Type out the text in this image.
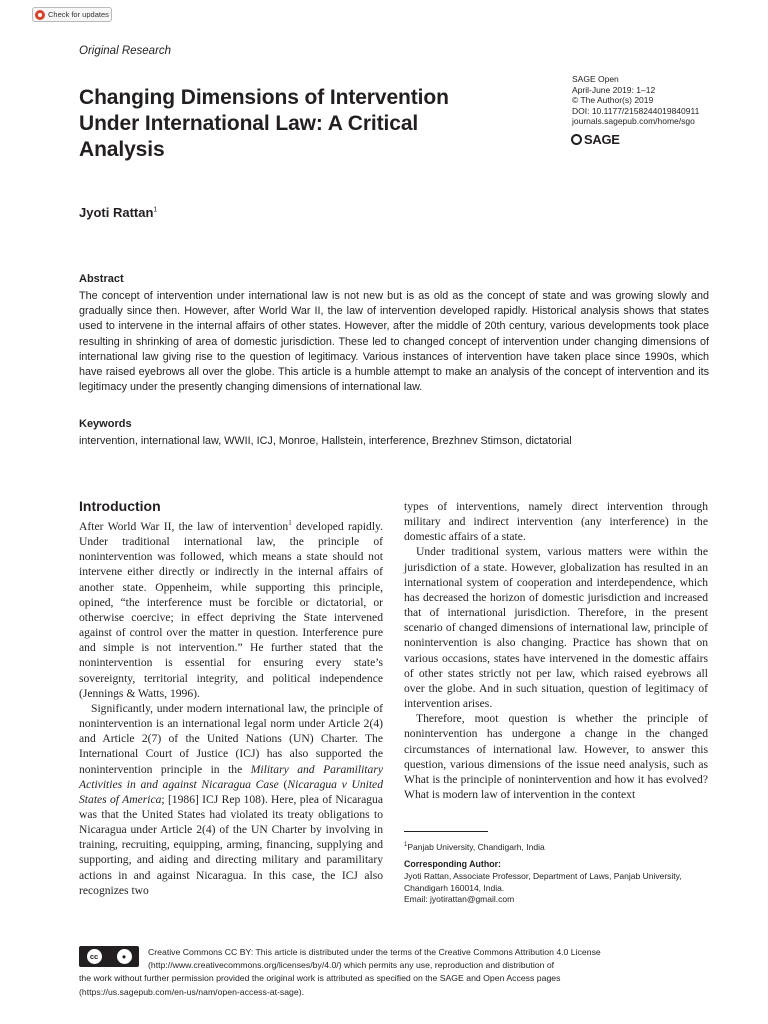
Check for updates
Original Research
Changing Dimensions of Intervention
Under International Law: A Critical
Analysis
SAGE Open
April-June 2019: 1–12
© The Author(s) 2019
DOI: 10.1177/2158244019840911
journals.sagepub.com/home/sgo
SAGE
Jyoti Rattan$^1$
Abstract
The concept of intervention under international law is not new but is as old as the concept of state and was growing slowly and gradually since then. However, after World War II, the law of intervention developed rapidly. Historical analysis shows that states used to intervene in the internal affairs of other states. However, after the middle of 20th century, various developments took place resulting in shrinking of area of domestic jurisdiction. These led to changed concept of intervention under changing dimensions of international law giving rise to the question of legitimacy. Various instances of intervention have taken place since 1990s, which have raised eyebrows all over the globe. This article is a humble attempt to make an analysis of the concept of intervention and its legitimacy under the presently changing dimensions of international law.
Keywords
intervention, international law, WWII, ICJ, Monroe, Hallstein, interference, Brezhnev Stimson, dictatorial
Introduction

After World War II, the law of intervention$^1$ developed rapidly. Under traditional international law, the principle of nonintervention was followed, which means a state should not intervene either directly or indirectly in the internal affairs of another state. Oppenheim, while supporting this principle, opined, “the interference must be forcible or dictatorial, or otherwise coercive; in effect depriving the State intervened against of control over the matter in question. Interference pure and simple is not intervention.” He further stated that the nonintervention is essential for ensuring every state’s sovereignty, territorial integrity, and political independence (Jennings & Watts, 1996).

Significantly, under modern international law, the principle of nonintervention is an international legal norm under Article 2(4) and Article 2(7) of the United Nations (UN) Charter. The International Court of Justice (ICJ) has also supported the nonintervention principle in the Military and Paramilitary Activities in and against Nicaragua Case (Nicaragua v United States of America; [1986] ICJ Rep 108). Here, plea of Nicaragua was that the United States had violated its treaty obligations to Nicaragua under Article 2(4) of the UN Charter by involving in training, recruiting, equipping, arming, financing, supplying and supporting, and aiding and directing military and paramilitary actions in and against Nicaragua. In this case, the ICJ also recognizes two

types of interventions, namely direct intervention through military and indirect intervention (any interference) in the domestic affairs of a state.

Under traditional system, various matters were within the jurisdiction of a state. However, globalization has resulted in an international system of cooperation and interdependence, which has decreased the horizon of domestic jurisdiction and increased that of international jurisdiction. Therefore, in the present scenario of changed dimensions of international law, principle of nonintervention is also changing. Practice has shown that on various occasions, states have intervened in the domestic affairs of other states strictly not per law, which raised eyebrows all over the globe. And in such situation, question of legitimacy of intervention arises.

Therefore, moot question is whether the principle of nonintervention has undergone a change in the changed circumstances of international law. However, to answer this question, various dimensions of the issue need analysis, such as What is the principle of nonintervention and how it has evolved? What is modern law of intervention in the context

$^1$Panjab University, Chandigarh, India
Corresponding Author:
Jyoti Rattan, Associate Professor, Department of Laws, Panjab University,
Chandigarh 160014, India.
Email: jyotirattan@gmail.com
cc	●	Creative Commons CC BY: This article is distributed under the terms of the Creative Commons Attribution 4.0 License
(http://www.creativecommons.org/licenses/by/4.0/) which permits any use, reproduction and distribution of
the work without further permission provided the original work is attributed as specified on the SAGE and Open Access pages
(https://us.sagepub.com/en-us/nam/open-access-at-sage).
